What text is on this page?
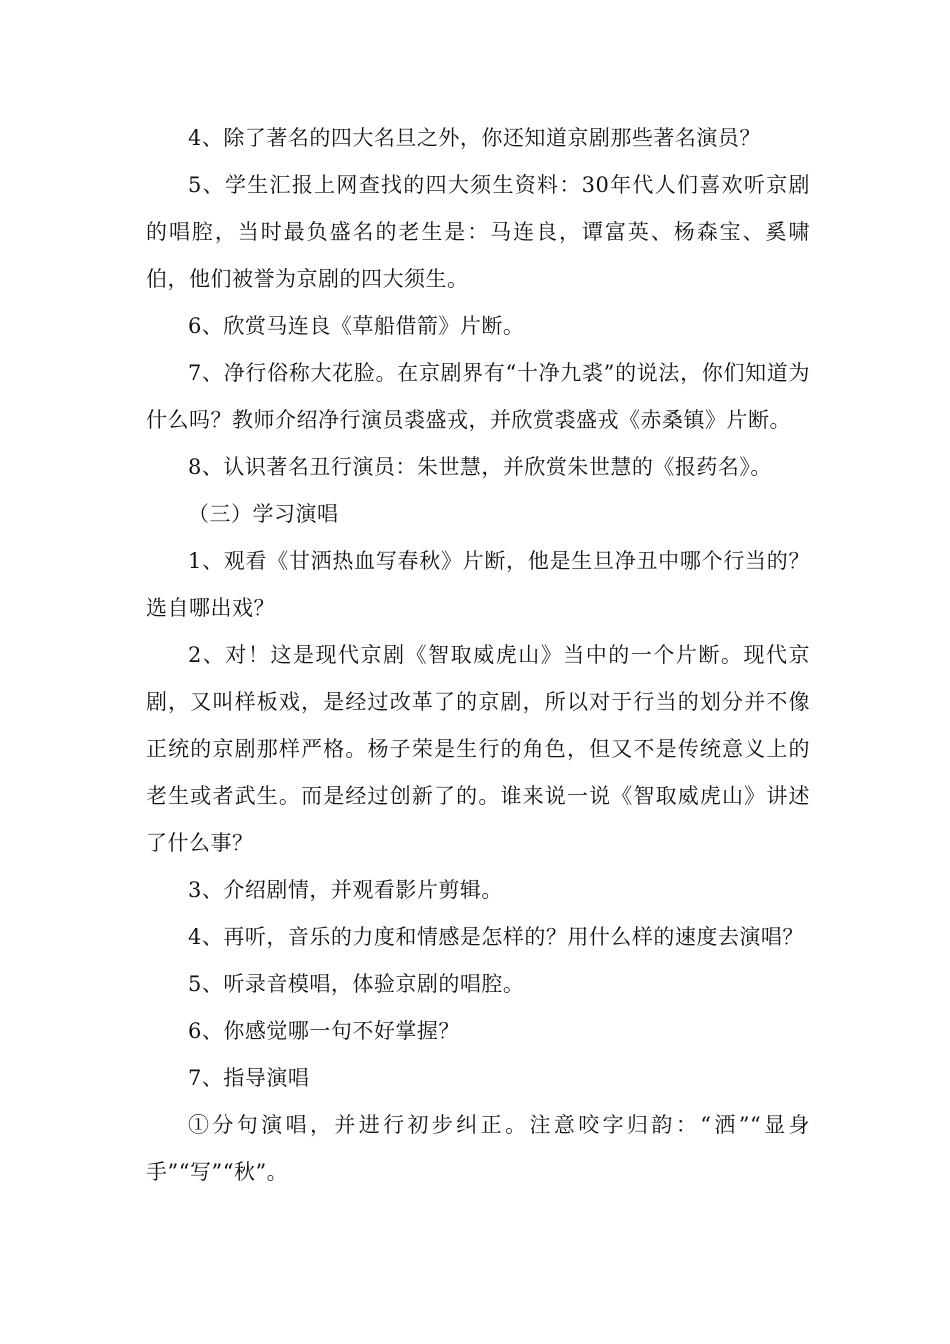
4、除了著名的四大名旦之外，你还知道京剧那些著名演员？

5、学生汇报上网查找的四大须生资料：30年代人们喜欢听京剧的唱腔，当时最负盛名的老生是：马连良，谭富英、杨森宝、奚啸伯，他们被誉为京剧的四大须生。

6、欣赏马连良《草船借箭》片断。

7、净行俗称大花脸。在京剧界有“十净九裘”的说法，你们知道为什么吗？教师介绍净行演员裘盛戎，并欣赏裘盛戎《赤桑镇》片断。

8、认识著名丑行演员：朱世慧，并欣赏朱世慧的《报药名》。

（三）学习演唱

1、观看《甘洒热血写春秋》片断，他是生旦净丑中哪个行当的？选自哪出戏？

2、对！这是现代京剧《智取威虎山》当中的一个片断。现代京剧，又叫样板戏，是经过改革了的京剧，所以对于行当的划分并不像正统的京剧那样严格。杨子荣是生行的角色，但又不是传统意义上的老生或者武生。而是经过创新了的。谁来说一说《智取威虎山》讲述了什么事？

3、介绍剧情，并观看影片剪辑。

4、再听，音乐的力度和情感是怎样的？用什么样的速度去演唱？

5、听录音模唱，体验京剧的唱腔。

6、你感觉哪一句不好掌握？

7、指导演唱

①分句演唱，并进行初步纠正。注意咬字归韵：“洒”“显身手”“写”“秋”。
